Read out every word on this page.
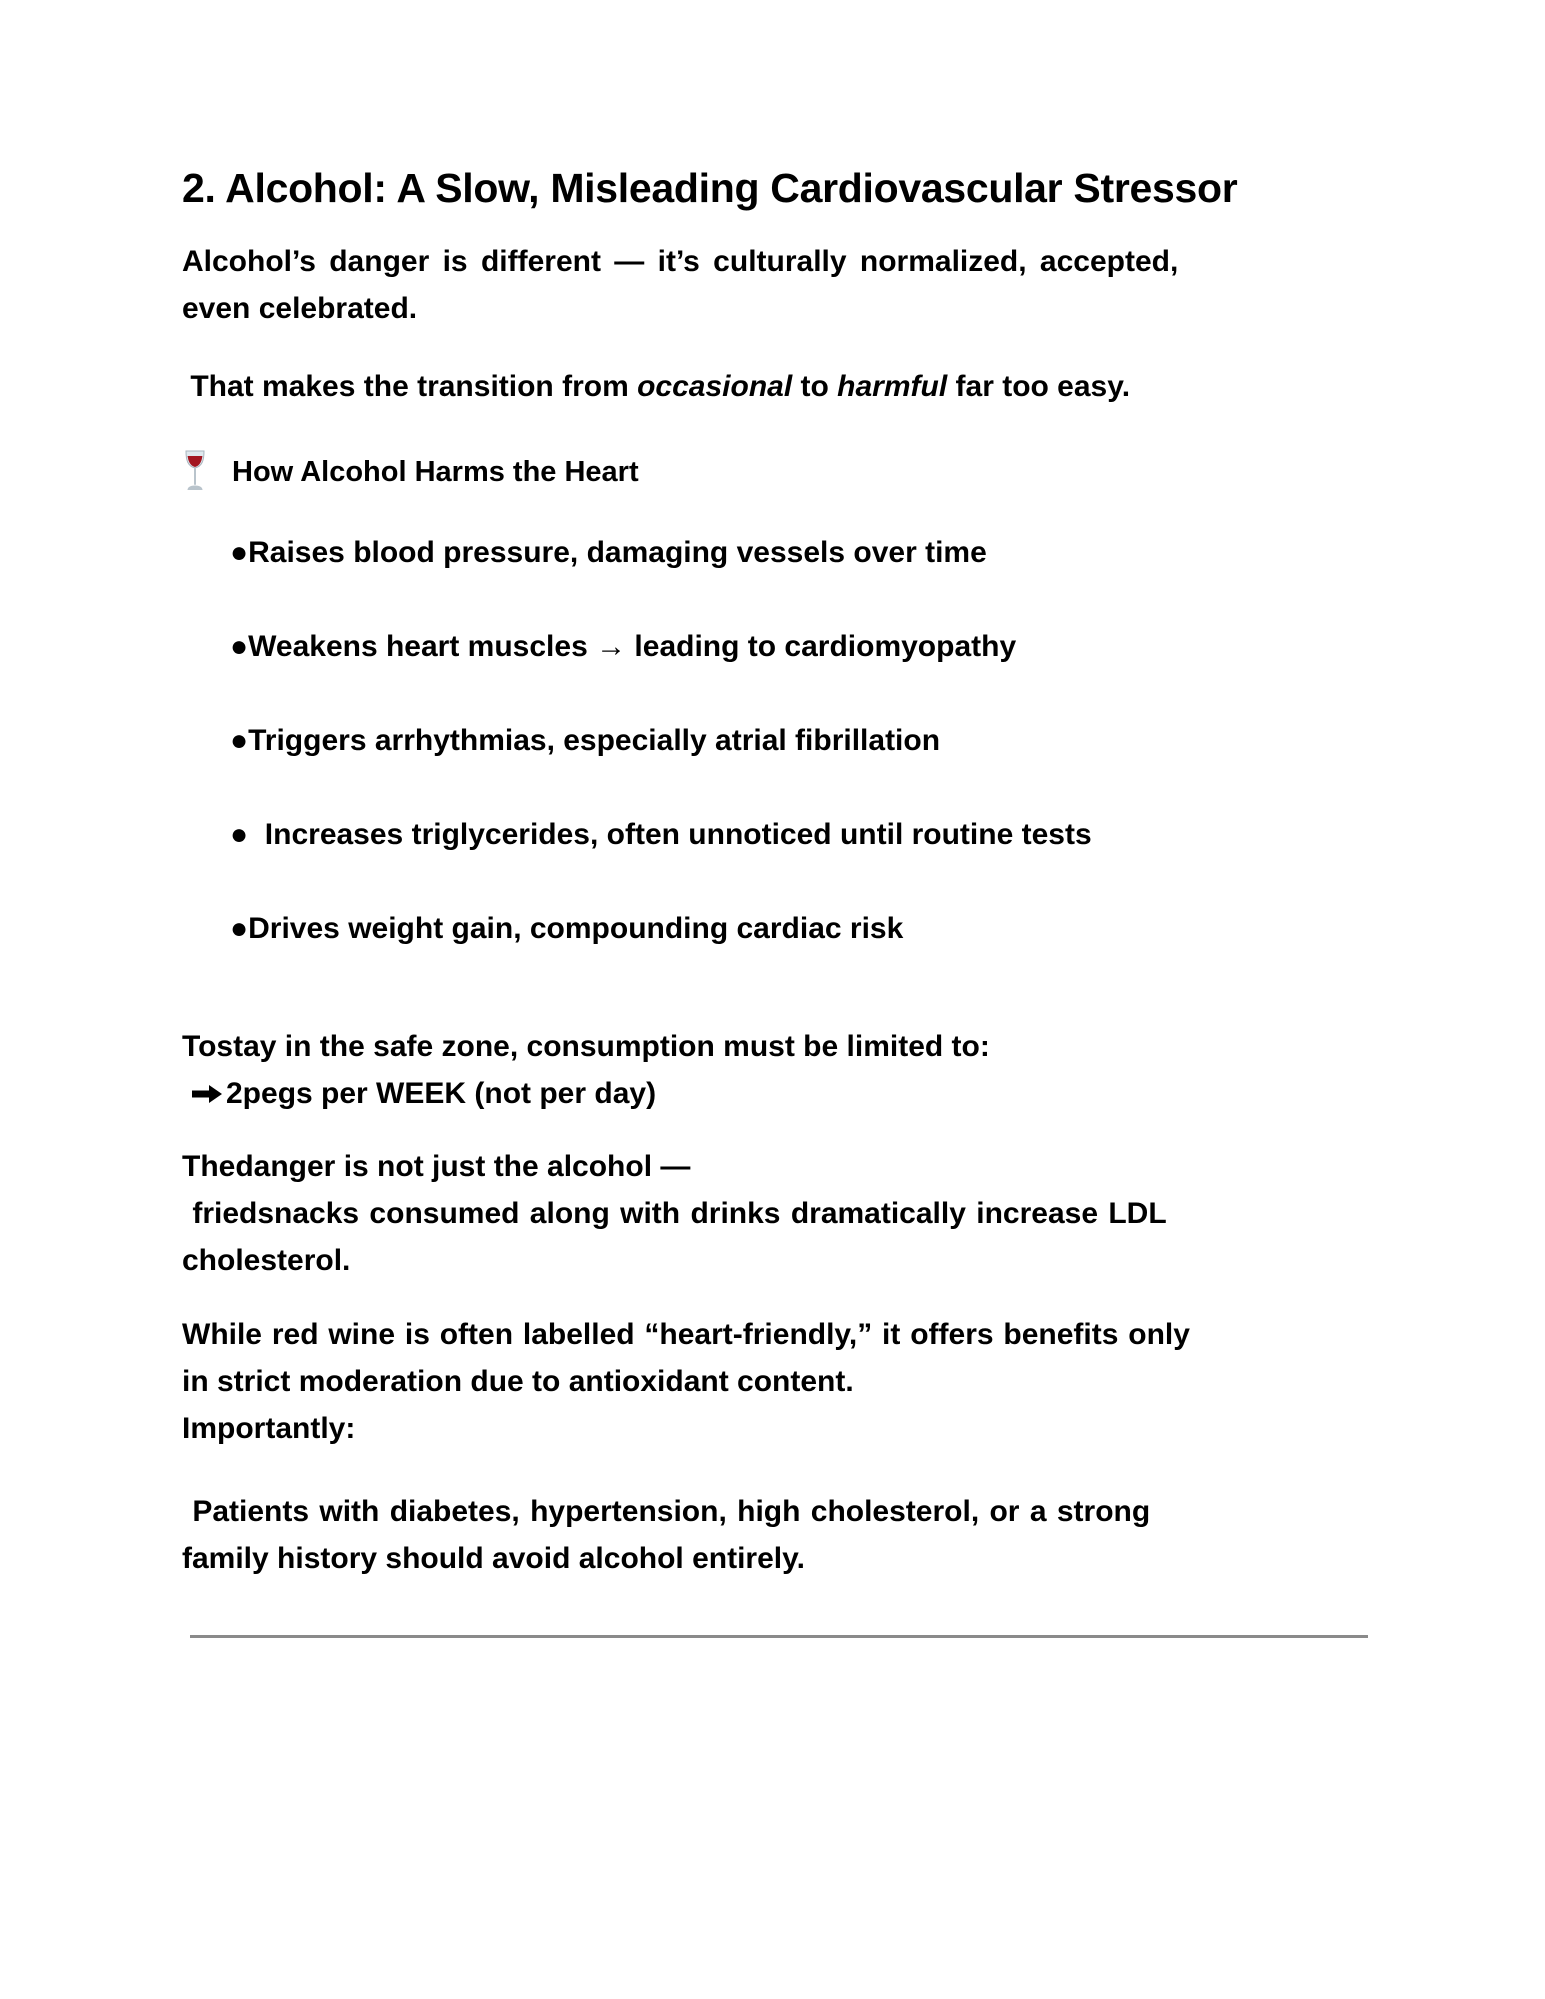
2. Alcohol: A Slow, Misleading Cardiovascular Stressor
Alcohol’s danger is different — it’s culturally normalized, accepted,
even celebrated.
That makes the transition from occasional to harmful far too easy.
How Alcohol Harms the Heart
●Raises blood pressure, damaging vessels over time
●Weakens heart muscles → leading to cardiomyopathy
●Triggers arrhythmias, especially atrial fibrillation
●  Increases triglycerides, often unnoticed until routine tests
●Drives weight gain, compounding cardiac risk
Tostay in the safe zone, consumption must be limited to:
2pegs per WEEK (not per day)
Thedanger is not just the alcohol —
friedsnacks consumed along with drinks dramatically increase LDL
cholesterol.
While red wine is often labelled “heart-friendly,” it offers benefits only
in strict moderation due to antioxidant content.
Importantly:
Patients with diabetes, hypertension, high cholesterol, or a strong
family history should avoid alcohol entirely.
